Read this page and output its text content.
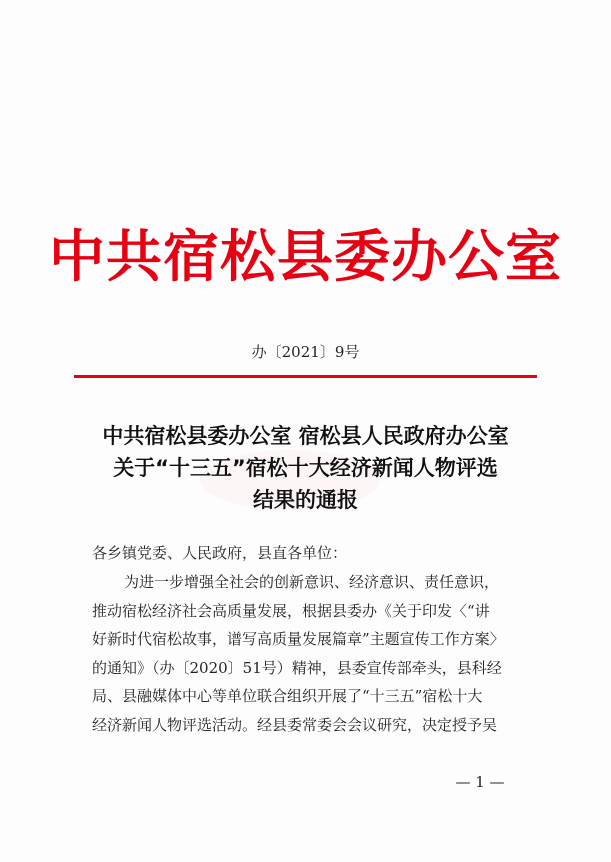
中共宿松县委办公室
办〔2021〕9号
中共宿松县委办公室 宿松县人民政府办公室
关于“十三五”宿松十大经济新闻人物评选
结果的通报
各乡镇党委、人民政府，县直各单位：
为进一步增强全社会的创新意识、经济意识、责任意识，
推动宿松经济社会高质量发展，根据县委办《关于印发〈“讲
好新时代宿松故事，谱写高质量发展篇章”主题宣传工作方案〉
的通知》（办〔2020〕51号）精神，县委宣传部牵头，县科经
局、县融媒体中心等单位联合组织开展了“十三五”宿松十大
经济新闻人物评选活动。经县委常委会会议研究，决定授予吴
— 1 —
